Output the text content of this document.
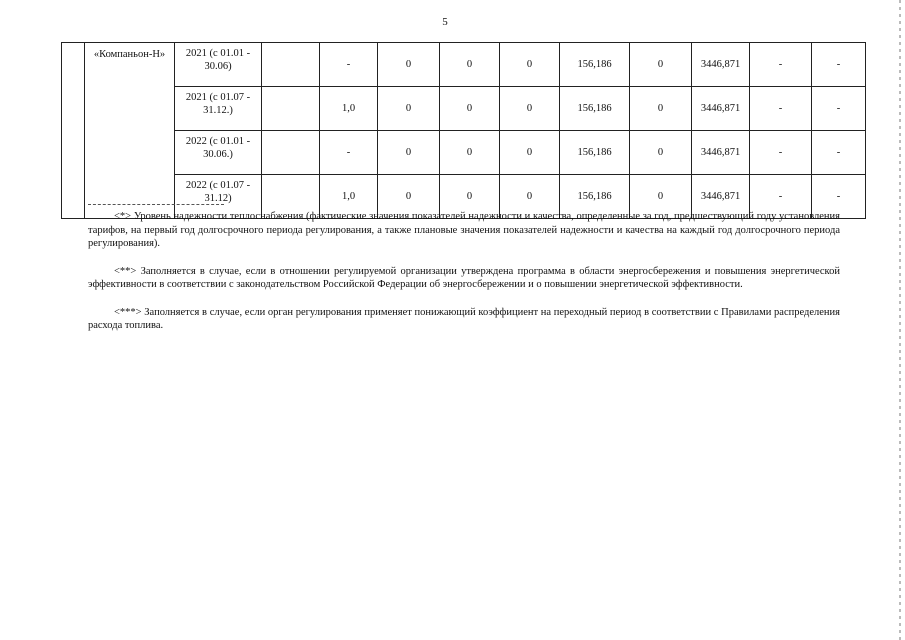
5
	«Компаньон-Н»	2021 (с 01.01 - 30.06)		-	0	0	0	156,186	0	3446,871	-	-
		2021 (с 01.07 - 31.12.)		1,0	0	0	0	156,186	0	3446,871	-	-
		2022 (с 01.01 - 30.06.)		-	0	0	0	156,186	0	3446,871	-	-
		2022 (с 01.07 - 31.12)		1,0	0	0	0	156,186	0	3446,871	-	-

<*> Уровень надежности теплоснабжения (фактические значения показателей надежности и качества, определенные за год, предшествующий году установления тарифов, на первый год долгосрочного периода регулирования, а также плановые значения показателей надежности и качества на каждый год долгосрочного периода регулирования).

<**> Заполняется в случае, если в отношении регулируемой организации утверждена программа в области энергосбережения и повышения энергетической эффективности в соответствии с законодательством Российской Федерации об энергосбережении и о повышении энергетической эффективности.

<***> Заполняется в случае, если орган регулирования применяет понижающий коэффициент на переходный период в соответствии с Правилами распределения расхода топлива.
